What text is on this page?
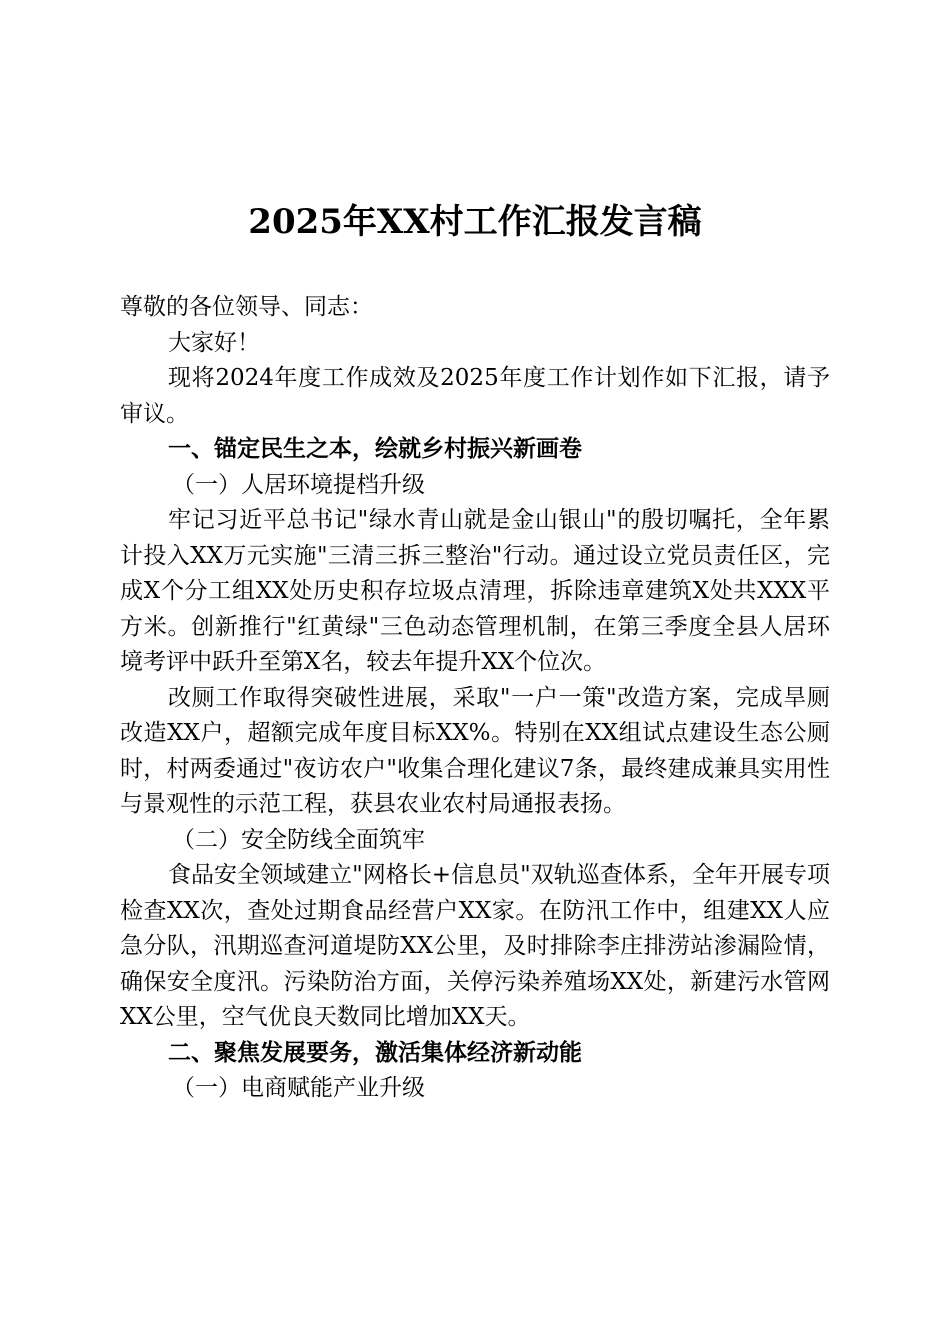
2025年XX村工作汇报发言稿

尊敬的各位领导、同志：

大家好！

现将2024年度工作成效及2025年度工作计划作如下汇报，请予审议。

一、锚定民生之本，绘就乡村振兴新画卷

（一）人居环境提档升级

牢记习近平总书记"绿水青山就是金山银山"的殷切嘱托，全年累计投入XX万元实施"三清三拆三整治"行动。通过设立党员责任区，完成X个分工组XX处历史积存垃圾点清理，拆除违章建筑X处共XXX平方米。创新推行"红黄绿"三色动态管理机制，在第三季度全县人居环境考评中跃升至第X名，较去年提升XX个位次。

改厕工作取得突破性进展，采取"一户一策"改造方案，完成旱厕改造XX户，超额完成年度目标XX%。特别在XX组试点建设生态公厕时，村两委通过"夜访农户"收集合理化建议7条，最终建成兼具实用性与景观性的示范工程，获县农业农村局通报表扬。

（二）安全防线全面筑牢

食品安全领域建立"网格长+信息员"双轨巡查体系，全年开展专项检查XX次，查处过期食品经营户XX家。在防汛工作中，组建XX人应急分队，汛期巡查河道堤防XX公里，及时排除李庄排涝站渗漏险情，确保安全度汛。污染防治方面，关停污染养殖场XX处，新建污水管网XX公里，空气优良天数同比增加XX天。

二、聚焦发展要务，激活集体经济新动能

（一）电商赋能产业升级
